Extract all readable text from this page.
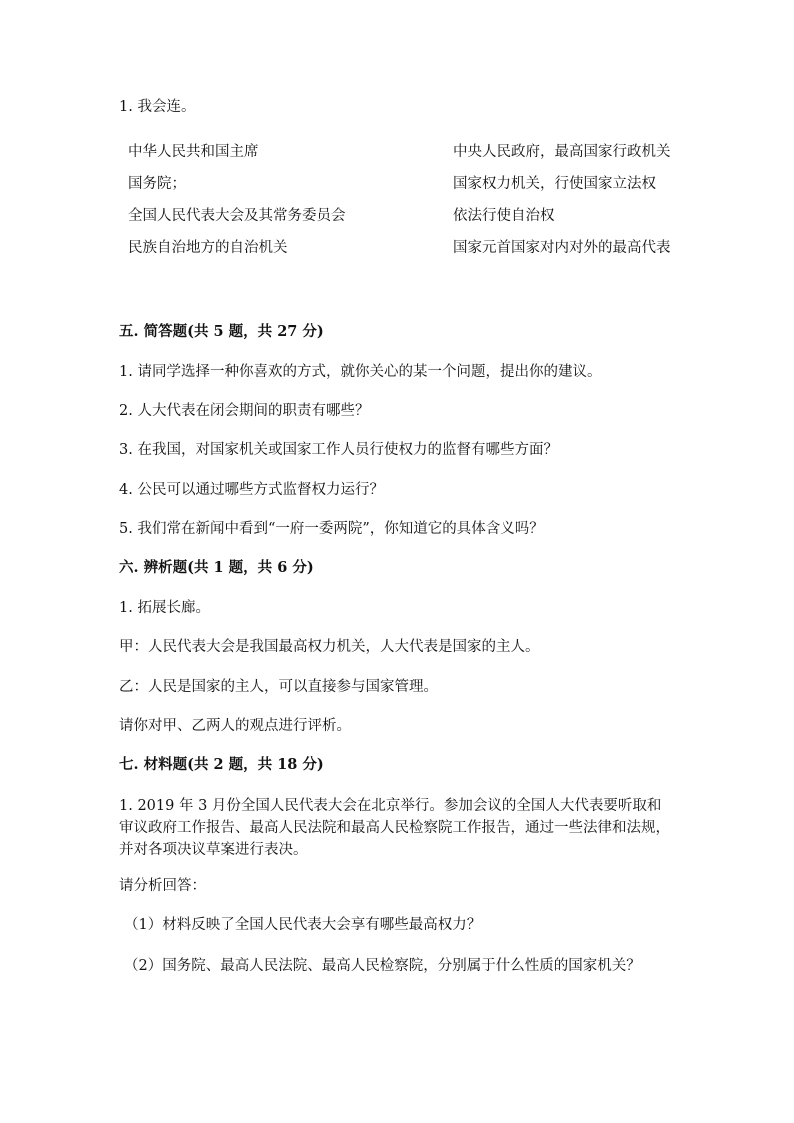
1. 我会连。

中华人民共和国主席
国务院；
全国人民代表大会及其常务委员会
民族自治地方的自治机关
中央人民政府，最高国家行政机关
国家权力机关，行使国家立法权
依法行使自治权
国家元首国家对内对外的最高代表

五. 简答题(共 5 题，共 27 分)

1. 请同学选择一种你喜欢的方式，就你关心的某一个问题，提出你的建议。

2. 人大代表在闭会期间的职责有哪些？

3. 在我国，对国家机关或国家工作人员行使权力的监督有哪些方面？

4. 公民可以通过哪些方式监督权力运行？

5. 我们常在新闻中看到“一府一委两院”，你知道它的具体含义吗？

六. 辨析题(共 1 题，共 6 分)

1. 拓展长廊。

甲：人民代表大会是我国最高权力机关，人大代表是国家的主人。

乙：人民是国家的主人，可以直接参与国家管理。

请你对甲、乙两人的观点进行评析。

七. 材料题(共 2 题，共 18 分)

1. 2019 年 3 月份全国人民代表大会在北京举行。参加会议的全国人大代表要听取和审议政府工作报告、最高人民法院和最高人民检察院工作报告，通过一些法律和法规，并对各项决议草案进行表决。

请分析回答：

（1）材料反映了全国人民代表大会享有哪些最高权力？

（2）国务院、最高人民法院、最高人民检察院，分别属于什么性质的国家机关？
